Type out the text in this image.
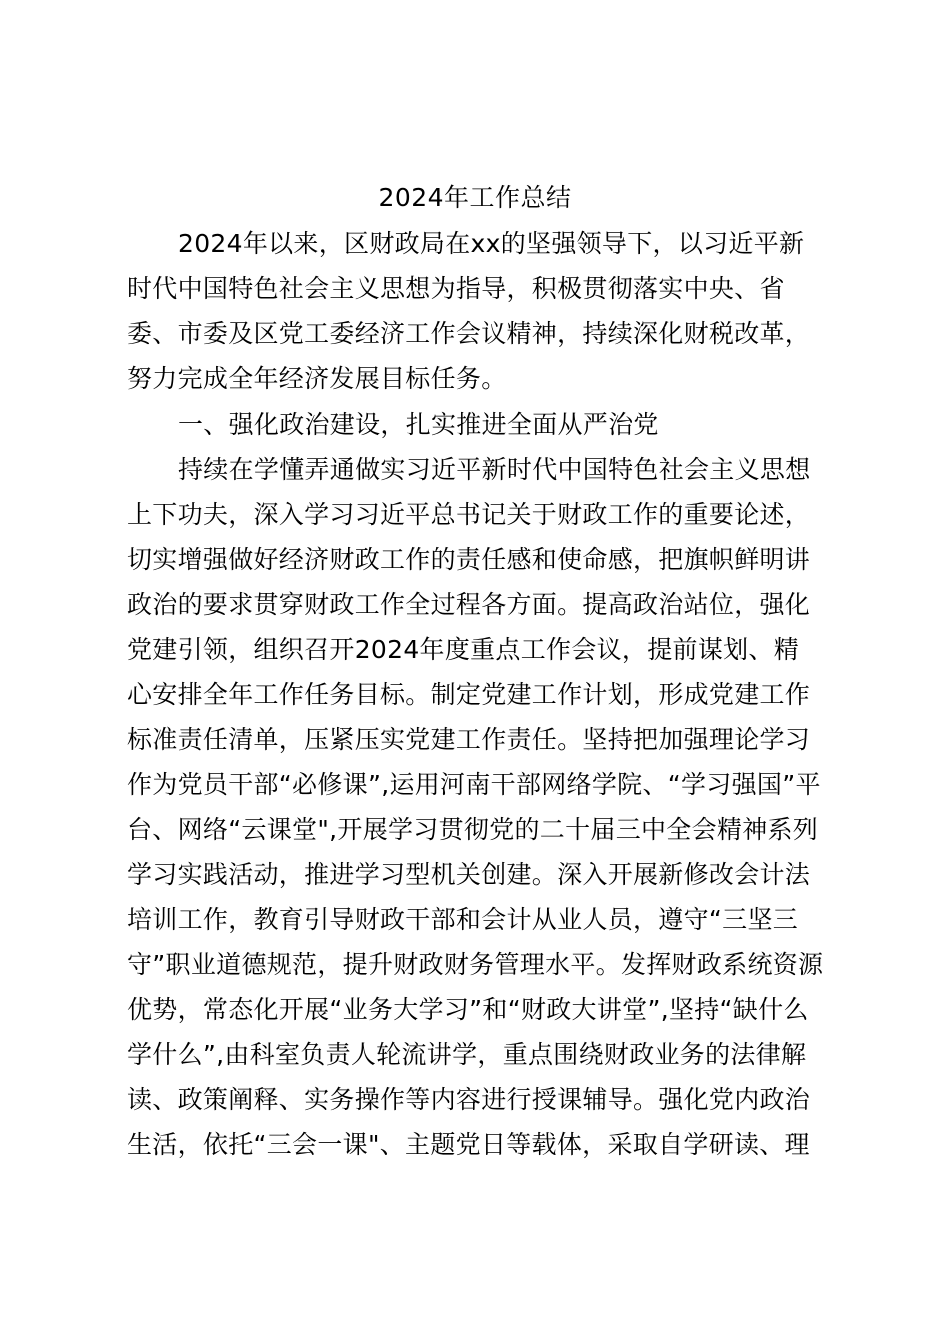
2024年工作总结
2024年以来，区财政局在xx的坚强领导下，以习近平新
时代中国特色社会主义思想为指导，积极贯彻落实中央、省
委、市委及区党工委经济工作会议精神，持续深化财税改革，
努力完成全年经济发展目标任务。
一、强化政治建设，扎实推进全面从严治党
持续在学懂弄通做实习近平新时代中国特色社会主义思想
上下功夫，深入学习习近平总书记关于财政工作的重要论述，
切实增强做好经济财政工作的责任感和使命感，把旗帜鲜明讲
政治的要求贯穿财政工作全过程各方面。提高政治站位，强化
党建引领，组织召开2024年度重点工作会议，提前谋划、精
心安排全年工作任务目标。制定党建工作计划，形成党建工作
标准责任清单，压紧压实党建工作责任。坚持把加强理论学习
作为党员干部“必修课”,运用河南干部网络学院、“学习强国”平
台、网络“云课堂",开展学习贯彻党的二十届三中全会精神系列
学习实践活动，推进学习型机关创建。深入开展新修改会计法
培训工作，教育引导财政干部和会计从业人员，遵守“三坚三
守”职业道德规范，提升财政财务管理水平。发挥财政系统资源
优势，常态化开展“业务大学习”和“财政大讲堂”,坚持“缺什么
学什么”,由科室负责人轮流讲学，重点围绕财政业务的法律解
读、政策阐释、实务操作等内容进行授课辅导。强化党内政治
生活，依托“三会一课"、主题党日等载体，采取自学研读、理
